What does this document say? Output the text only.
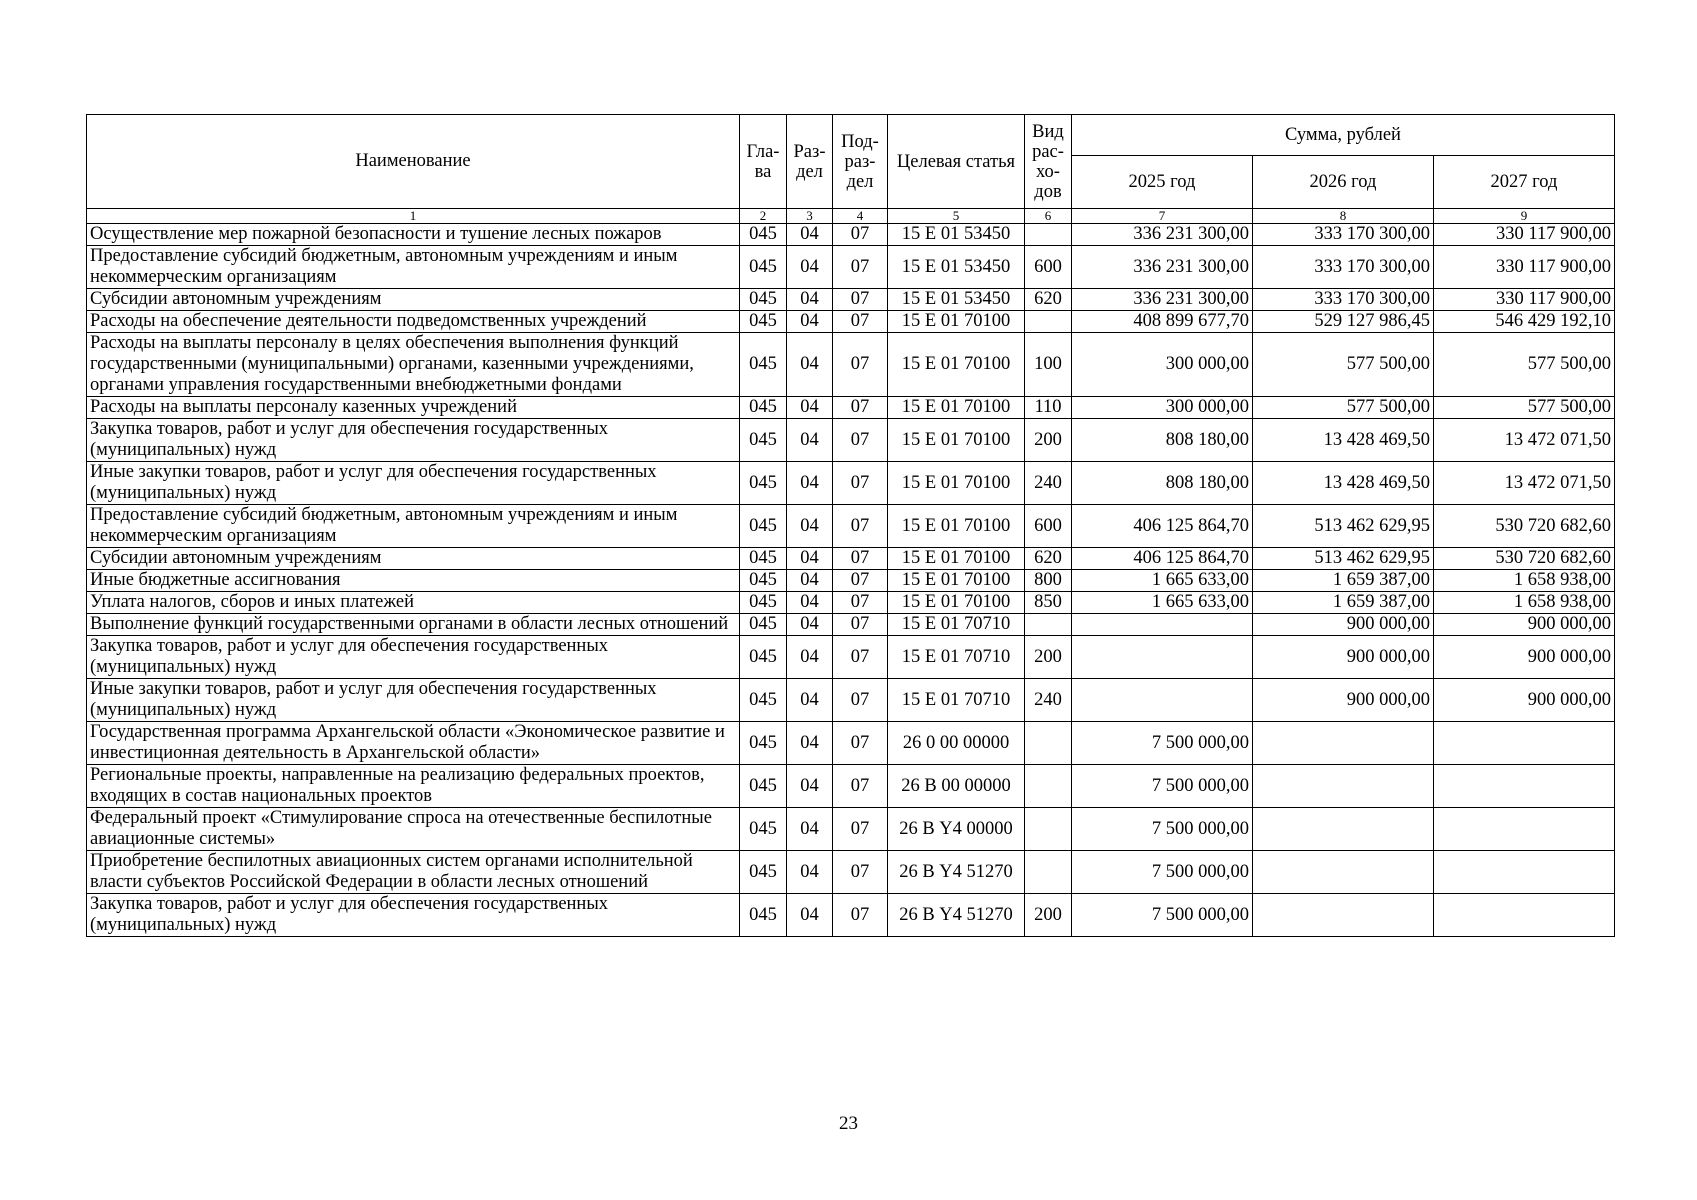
Наименование	Гла- ва	Раз- дел	Под- раз- дел	Целевая статья	Вид рас- хо- дов	Сумма, рублей		
						2025 год	2026 год	2027 год
1	2	3	4	5	6	7	8	9
Осуществление мер пожарной безопасности и тушение лесных пожаров	045	04	07	15 Е 01 53450		336 231 300,00	333 170 300,00	330 117 900,00
Предоставление субсидий бюджетным, автономным учреждениям и иным некоммерческим организациям	045	04	07	15 Е 01 53450	600	336 231 300,00	333 170 300,00	330 117 900,00
Субсидии автономным учреждениям	045	04	07	15 Е 01 53450	620	336 231 300,00	333 170 300,00	330 117 900,00
Расходы на обеспечение деятельности подведомственных учреждений	045	04	07	15 Е 01 70100		408 899 677,70	529 127 986,45	546 429 192,10
Расходы на выплаты персоналу в целях обеспечения выполнения функций государственными (муниципальными) органами, казенными учреждениями, органами управления государственными внебюджетными фондами	045	04	07	15 Е 01 70100	100	300 000,00	577 500,00	577 500,00
Расходы на выплаты персоналу казенных учреждений	045	04	07	15 Е 01 70100	110	300 000,00	577 500,00	577 500,00
Закупка товаров, работ и услуг для обеспечения государственных (муниципальных) нужд	045	04	07	15 Е 01 70100	200	808 180,00	13 428 469,50	13 472 071,50
Иные закупки товаров, работ и услуг для обеспечения государственных (муниципальных) нужд	045	04	07	15 Е 01 70100	240	808 180,00	13 428 469,50	13 472 071,50
Предоставление субсидий бюджетным, автономным учреждениям и иным некоммерческим организациям	045	04	07	15 Е 01 70100	600	406 125 864,70	513 462 629,95	530 720 682,60
Субсидии автономным учреждениям	045	04	07	15 Е 01 70100	620	406 125 864,70	513 462 629,95	530 720 682,60
Иные бюджетные ассигнования	045	04	07	15 Е 01 70100	800	1 665 633,00	1 659 387,00	1 658 938,00
Уплата налогов, сборов и иных платежей	045	04	07	15 Е 01 70100	850	1 665 633,00	1 659 387,00	1 658 938,00
Выполнение функций государственными органами в области лесных отношений	045	04	07	15 Е 01 70710			900 000,00	900 000,00
Закупка товаров, работ и услуг для обеспечения государственных (муниципальных) нужд	045	04	07	15 Е 01 70710	200		900 000,00	900 000,00
Иные закупки товаров, работ и услуг для обеспечения государственных (муниципальных) нужд	045	04	07	15 Е 01 70710	240		900 000,00	900 000,00
Государственная программа Архангельской области «Экономическое развитие и инвестиционная деятельность в Архангельской области»	045	04	07	26 0 00 00000		7 500 000,00		
Региональные проекты, направленные на реализацию федеральных проектов, входящих в состав национальных проектов	045	04	07	26 В 00 00000		7 500 000,00		
Федеральный проект «Стимулирование спроса на отечественные беспилотные авиационные системы»	045	04	07	26 В Y4 00000		7 500 000,00		
Приобретение беспилотных авиационных систем органами исполнительной власти субъектов Российской Федерации в области лесных отношений	045	04	07	26 В Y4 51270		7 500 000,00		
Закупка товаров, работ и услуг для обеспечения государственных (муниципальных) нужд	045	04	07	26 В Y4 51270	200	7 500 000,00		
23
